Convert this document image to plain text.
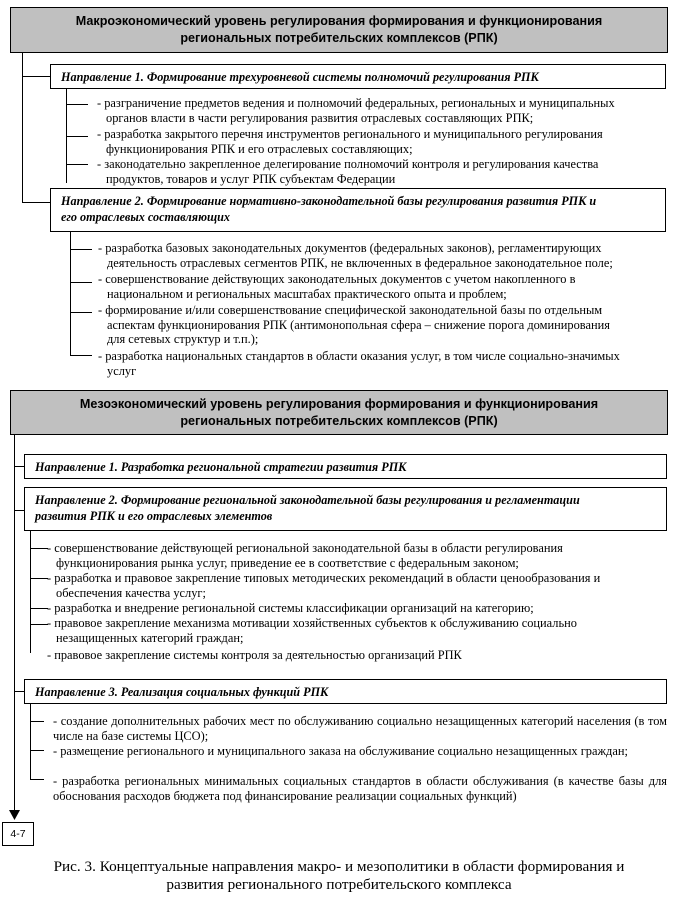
Макроэкономический уровень регулирования формирования и функционирования
региональных потребительских комплексов (РПК)
Направление 1. Формирование трехуровневой системы полномочий регулирования РПК
- разграничение предметов ведения и полномочий федеральных, региональных и муниципальных
органов власти в части регулирования развития отраслевых составляющих РПК;
- разработка закрытого перечня инструментов регионального и муниципального регулирования
функционирования РПК и его отраслевых составляющих;
- законодательно закрепленное делегирование полномочий контроля и регулирования качества
продуктов, товаров и услуг РПК субъектам Федерации
Направление 2. Формирование нормативно-законодательной базы регулирования развития РПК и
его отраслевых составляющих
- разработка базовых законодательных документов (федеральных законов), регламентирующих
деятельность отраслевых сегментов РПК, не включенных в федеральное законодательное поле;
- совершенствование действующих законодательных документов с учетом накопленного в
национальном и региональных масштабах практического опыта и проблем;
- формирование и/или совершенствование специфической законодательной базы по отдельным
аспектам функционирования РПК (антимонопольная сфера – снижение порога доминирования
для сетевых структур и т.п.);
- разработка национальных стандартов в области оказания услуг, в том числе социально-значимых
услуг
Мезоэкономический уровень регулирования формирования и функционирования
региональных потребительских комплексов (РПК)
4-7
Направление 1. Разработка региональной стратегии развития РПК
Направление 2. Формирование региональной законодательной базы регулирования и регламентации
развития РПК и его отраслевых элементов
- совершенствование действующей региональной законодательной базы в области регулирования
функционирования рынка услуг, приведение ее в соответствие с федеральным законом;
- разработка и правовое закрепление типовых методических рекомендаций в области ценообразования и
обеспечения качества услуг;
- разработка и внедрение региональной системы классификации организаций на категорию;
- правовое закрепление механизма мотивации хозяйственных субъектов к обслуживанию социально
незащищенных категорий граждан;
- правовое закрепление системы контроля за деятельностью организаций РПК
Направление 3. Реализация социальных функций РПК
- создание дополнительных рабочих мест по обслуживанию социально незащищенных категорий населения (в том числе на базе системы ЦСО);
- размещение регионального и муниципального заказа на обслуживание социально незащищенных граждан;
- разработка региональных минимальных социальных стандартов в области обслуживания (в качестве базы для обоснования расходов бюджета под финансирование реализации социальных функций)
Рис. 3. Концептуальные направления макро- и мезополитики в области формирования и
развития регионального потребительского комплекса
